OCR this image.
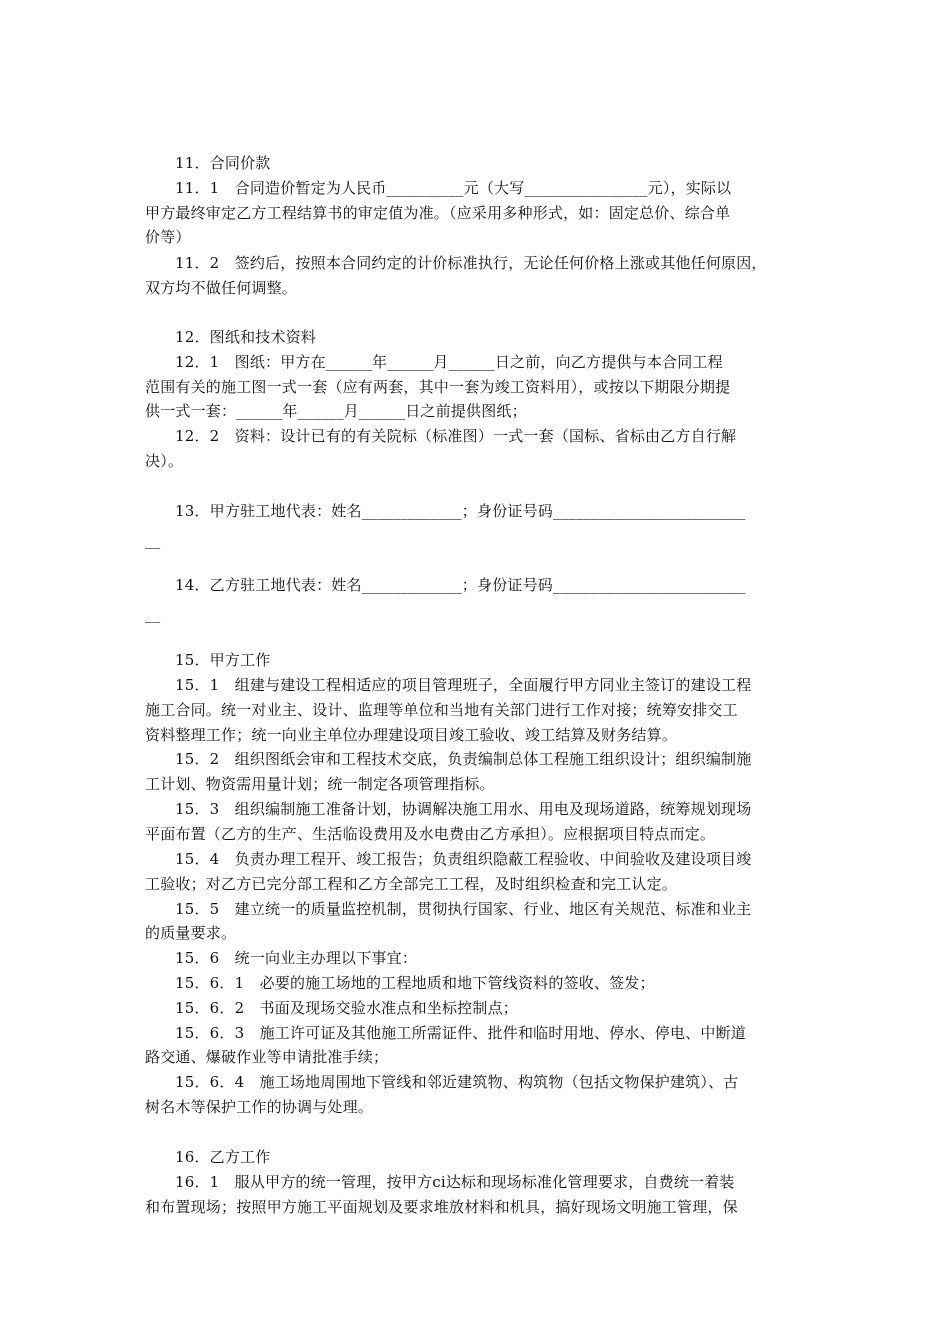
11．合同价款
11．1　合同造价暂定为人民币__________元（大写________________元），实际以
甲方最终审定乙方工程结算书的审定值为准。（应采用多种形式，如：固定总价、综合单
价等）
11．2　签约后，按照本合同约定的计价标准执行，无论任何价格上涨或其他任何原因，
双方均不做任何调整。
12．图纸和技术资料
12．1　图纸：甲方在______年______月______日之前，向乙方提供与本合同工程
范围有关的施工图一式一套（应有两套，其中一套为竣工资料用），或按以下期限分期提
供一式一套：______年______月______日之前提供图纸；
12．2　资料：设计已有的有关院标（标准图）一式一套（国标、省标由乙方自行解
决）。
13．甲方驻工地代表：姓名_____________；身份证号码_________________________
__
14．乙方驻工地代表：姓名_____________；身份证号码_________________________
__
15．甲方工作
15．1　组建与建设工程相适应的项目管理班子，全面履行甲方同业主签订的建设工程
施工合同。统一对业主、设计、监理等单位和当地有关部门进行工作对接；统筹安排交工
资料整理工作；统一向业主单位办理建设项目竣工验收、竣工结算及财务结算。
15．2　组织图纸会审和工程技术交底，负责编制总体工程施工组织设计；组织编制施
工计划、物资需用量计划；统一制定各项管理指标。
15．3　组织编制施工准备计划，协调解决施工用水、用电及现场道路，统筹规划现场
平面布置（乙方的生产、生活临设费用及水电费由乙方承担）。应根据项目特点而定。
15．4　负责办理工程开、竣工报告；负责组织隐蔽工程验收、中间验收及建设项目竣
工验收；对乙方已完分部工程和乙方全部完工工程，及时组织检查和完工认定。
15．5　建立统一的质量监控机制，贯彻执行国家、行业、地区有关规范、标准和业主
的质量要求。
15．6　统一向业主办理以下事宜：
15．6．1　必要的施工场地的工程地质和地下管线资料的签收、签发；
15．6．2　书面及现场交验水准点和坐标控制点；
15．6．3　施工许可证及其他施工所需证件、批件和临时用地、停水、停电、中断道
路交通、爆破作业等申请批准手续；
15．6．4　施工场地周围地下管线和邻近建筑物、构筑物（包括文物保护建筑）、古
树名木等保护工作的协调与处理。
16．乙方工作
16．1　服从甲方的统一管理，按甲方ci达标和现场标准化管理要求，自费统一着装
和布置现场；按照甲方施工平面规划及要求堆放材料和机具，搞好现场文明施工管理，保
